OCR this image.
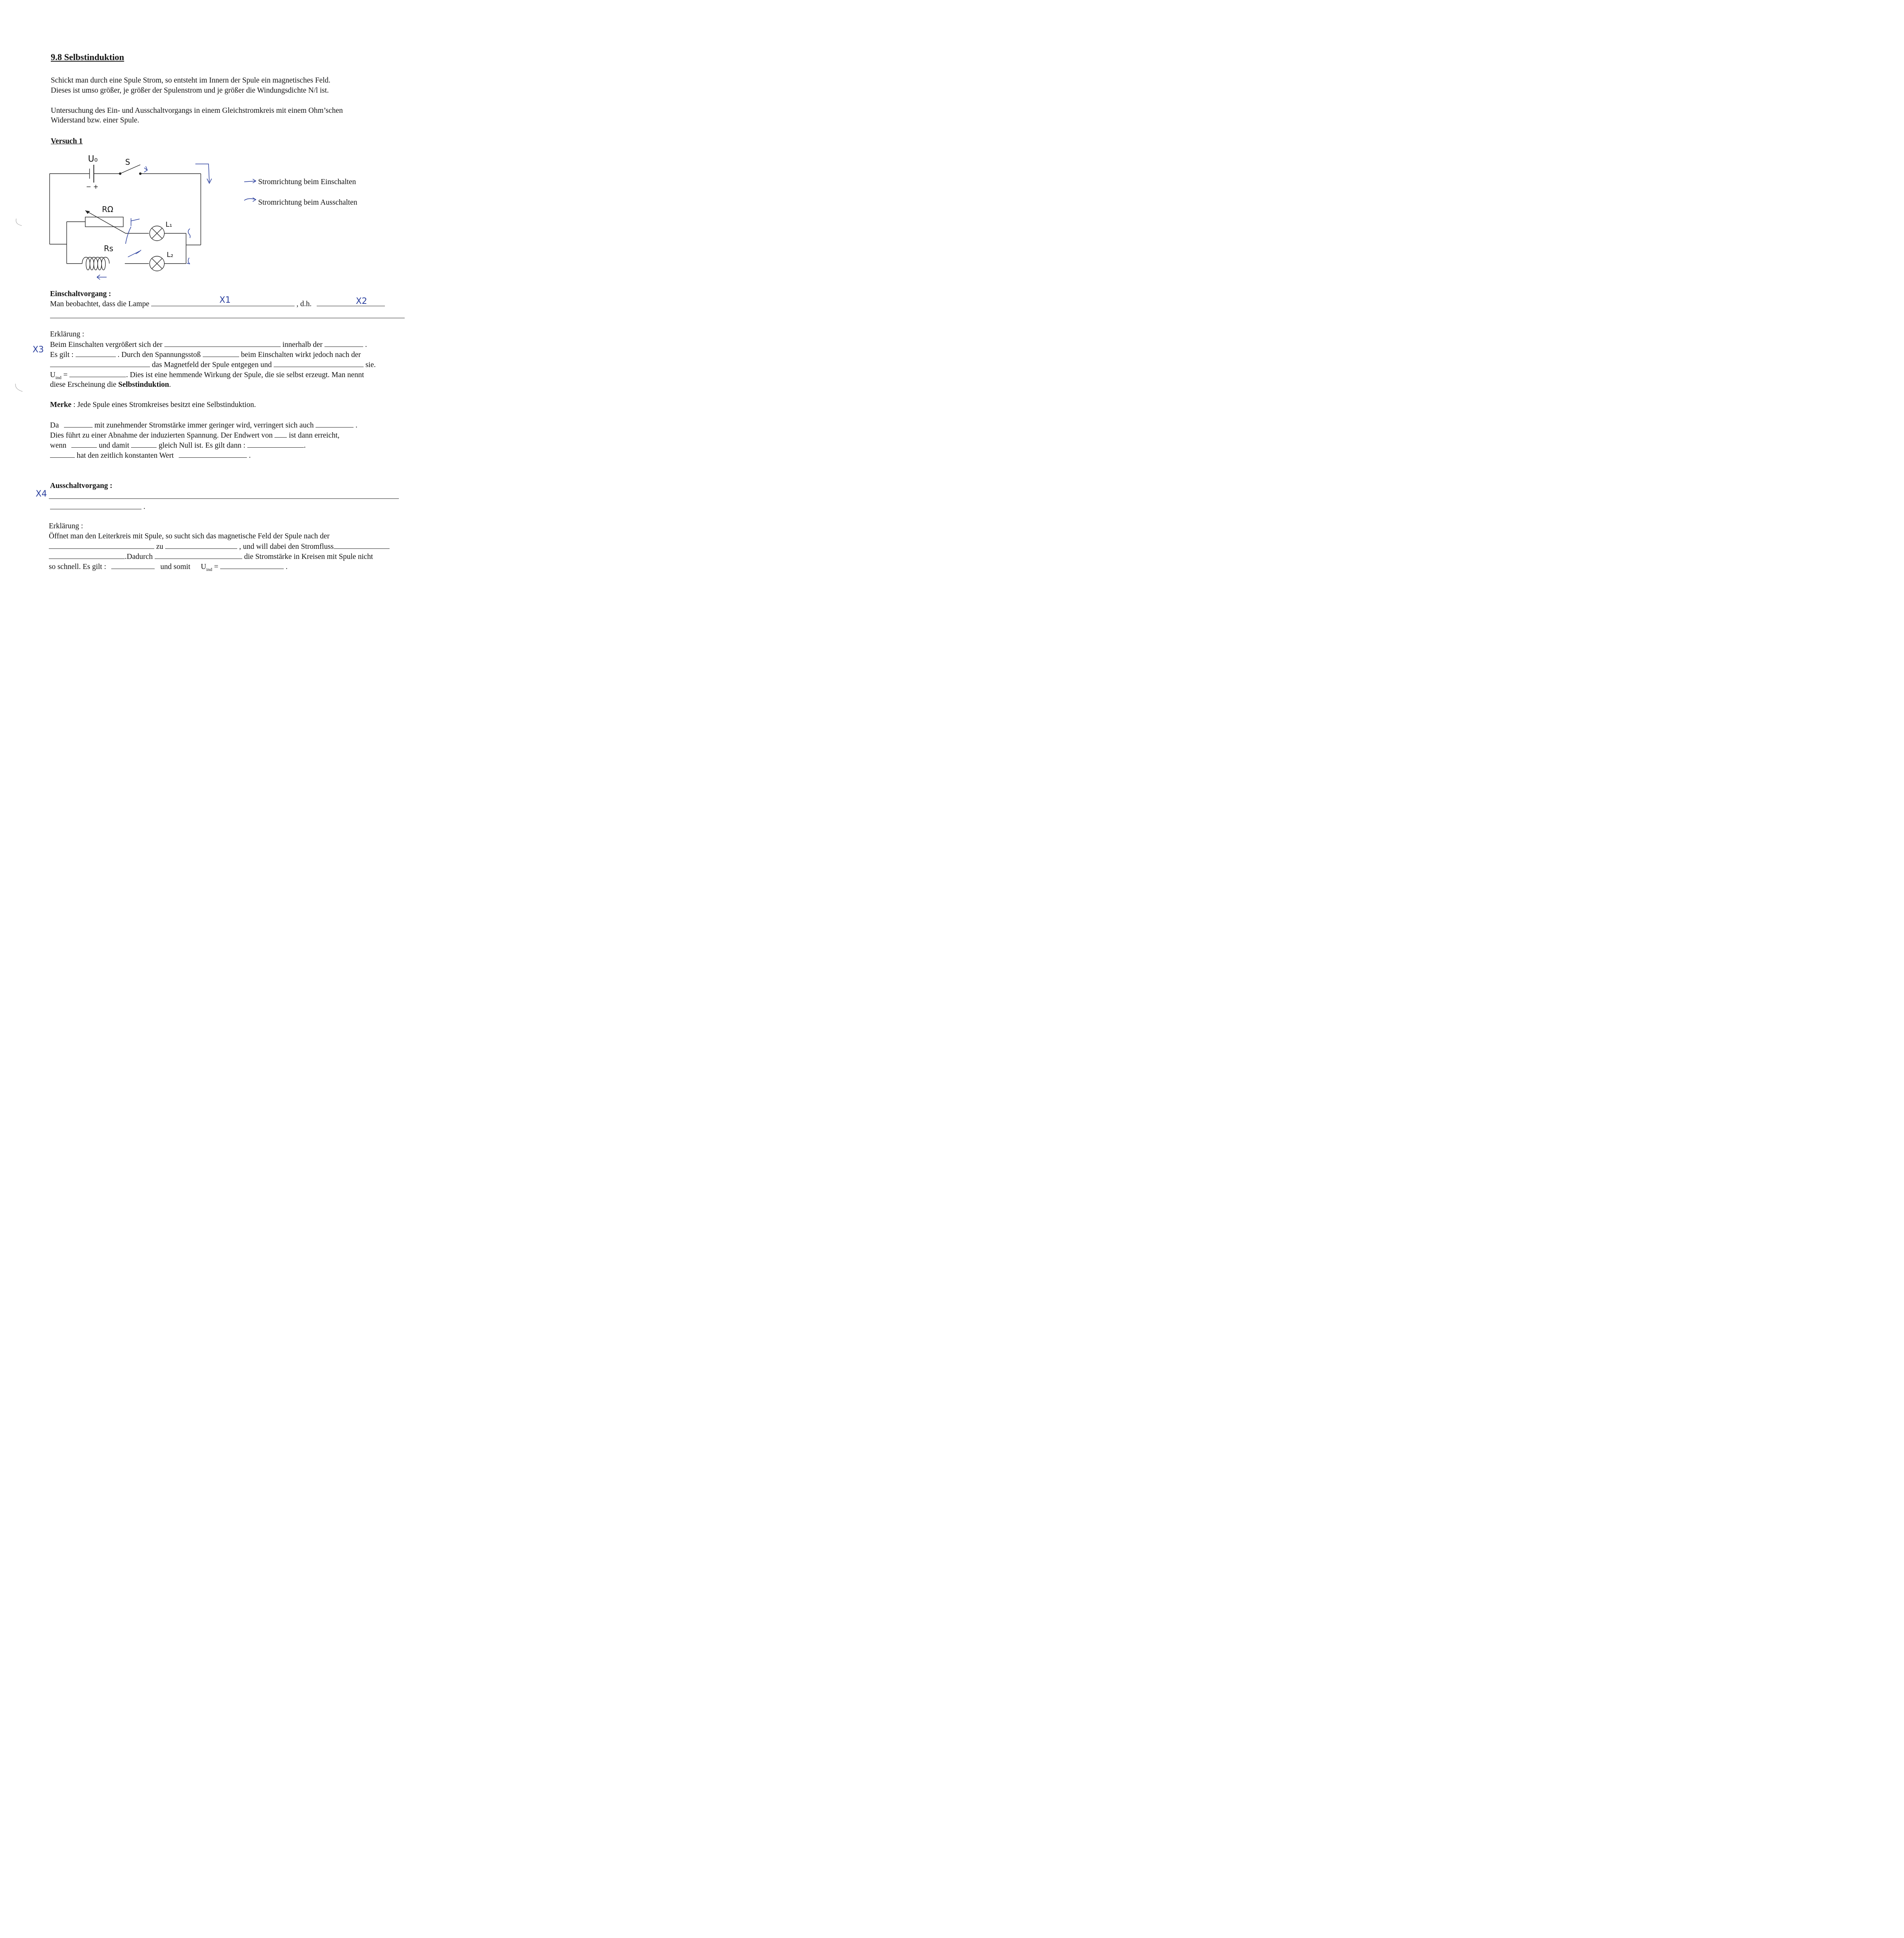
9.8 Selbstinduktion
Schickt man durch eine Spule Strom, so entsteht im Innern der Spule ein magnetisches Feld.
Dieses ist umso größer, je größer der Spulenstrom und je größer die Windungsdichte N/l ist.
Untersuchung des Ein- und Ausschaltvorgangs in einem Gleichstromkreis mit einem Ohm’schen
Widerstand bzw. einer Spule.
Versuch 1
U₀	S
− +
RΩ
L₁
Rs
L₂
Stromrichtung beim Einschalten
Stromrichtung beim Ausschalten
Einschaltvorgang :
Man beobachtet, dass die Lampe	, d.h.
X1	X2
Erklärung :
X3
Beim Einschalten vergrößert sich der	innerhalb der	.
Es gilt :	. Durch den Spannungsstoß	beim Einschalten wirkt jedoch nach der
das Magnetfeld der Spule entgegen und	sie.
$U_{ind}$ =	. Dies ist eine hemmende Wirkung der Spule, die sie selbst erzeugt. Man nennt
diese Erscheinung die Selbstinduktion.
Merke : Jede Spule eines Stromkreises besitzt eine Selbstinduktion.
Da	mit zunehmender Stromstärke immer geringer wird, verringert sich auch	.
Dies führt zu einer Abnahme der induzierten Spannung. Der Endwert von ist dann erreicht,
wenn	und damit	gleich Null ist. Es gilt dann :	.
hat den zeitlich konstanten Wert	.
Ausschaltvorgang :
X4
.
Erklärung :
Öffnet man den Leiterkreis mit Spule, so sucht sich das magnetische Feld der Spule nach der
zu	, und will dabei den Stromfluss
.Dadurch	die Stromstärke in Kreisen mit Spule nicht
so schnell. Es gilt :	und somit $U_{ind}$ =	.
